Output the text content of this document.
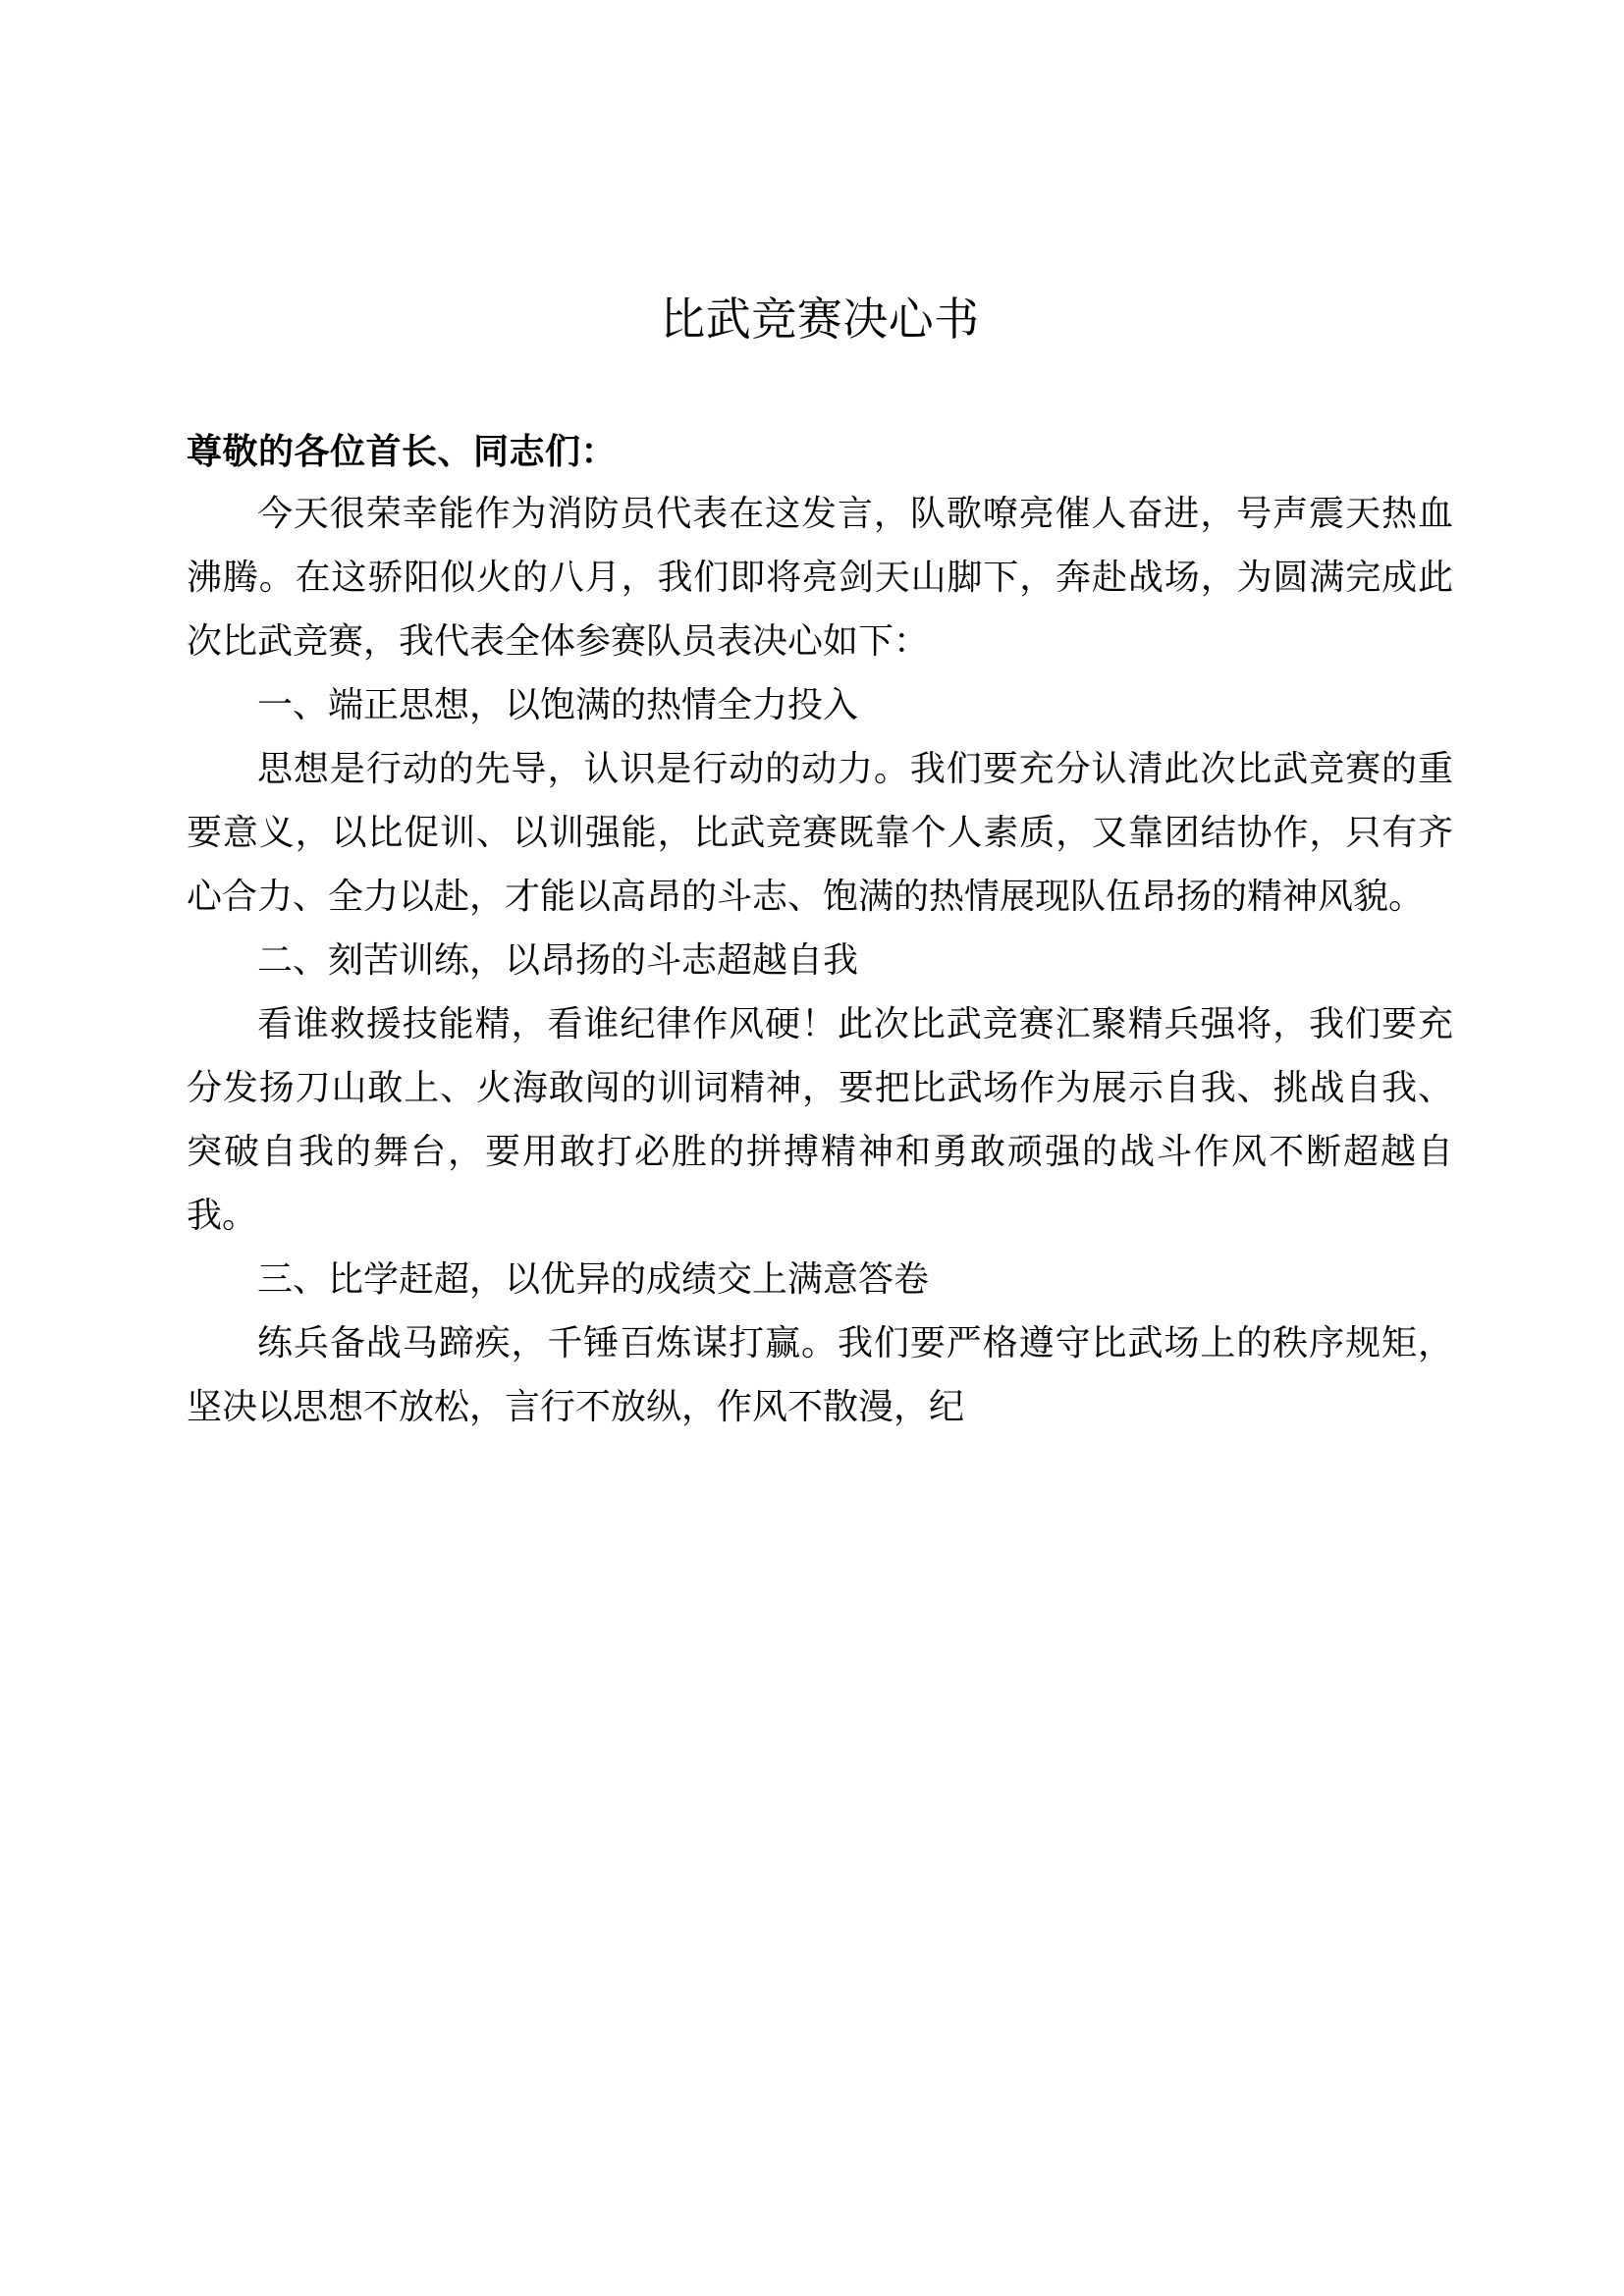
比武竞赛决心书

尊敬的各位首长、同志们：

今天很荣幸能作为消防员代表在这发言，队歌嘹亮催人奋进，号声震天热血沸腾。在这骄阳似火的八月，我们即将亮剑天山脚下，奔赴战场，为圆满完成此次比武竞赛，我代表全体参赛队员表决心如下：

一、端正思想，以饱满的热情全力投入

思想是行动的先导，认识是行动的动力。我们要充分认清此次比武竞赛的重要意义，以比促训、以训强能，比武竞赛既靠个人素质，又靠团结协作，只有齐心合力、全力以赴，才能以高昂的斗志、饱满的热情展现队伍昂扬的精神风貌。

二、刻苦训练，以昂扬的斗志超越自我

看谁救援技能精，看谁纪律作风硬！此次比武竞赛汇聚精兵强将，我们要充分发扬刀山敢上、火海敢闯的训词精神，要把比武场作为展示自我、挑战自我、突破自我的舞台，要用敢打必胜的拼搏精神和勇敢顽强的战斗作风不断超越自我。

三、比学赶超，以优异的成绩交上满意答卷

练兵备战马蹄疾，千锤百炼谋打赢。我们要严格遵守比武场上的秩序规矩，坚决以思想不放松，言行不放纵，作风不散漫，纪
